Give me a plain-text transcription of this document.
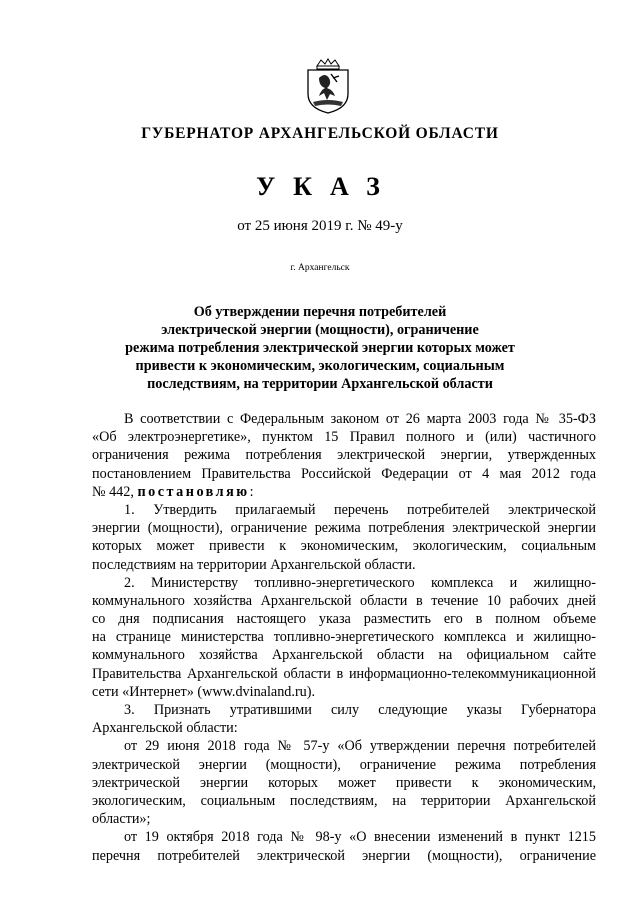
ГУБЕРНАТОР АРХАНГЕЛЬСКОЙ ОБЛАСТИ
УКАЗ
от 25 июня 2019 г. № 49-у
г. Архангельск
Об утверждении перечня потребителей
электрической энергии (мощности), ограничение
режима потребления электрической энергии которых может
привести к экономическим, экологическим, социальным
последствиям, на территории Архангельской области
В соответствии с Федеральным законом от 26 марта 2003 года № 35-ФЗ
«Об электроэнергетике», пунктом 15 Правил полного и (или) частичного
ограничения режима потребления электрической энергии, утвержденных
постановлением Правительства Российской Федерации от 4 мая 2012 года
№ 442, постановляю:
1. Утвердить прилагаемый перечень потребителей электрической
энергии (мощности), ограничение режима потребления электрической энергии
которых может привести к экономическим, экологическим, социальным
последствиям на территории Архангельской области.
2. Министерству топливно-энергетического комплекса и жилищно-
коммунального хозяйства Архангельской области в течение 10 рабочих дней
со дня подписания настоящего указа разместить его в полном объеме
на странице министерства топливно-энергетического комплекса и жилищно-
коммунального хозяйства Архангельской области на официальном сайте
Правительства Архангельской области в информационно-телекоммуникационной
сети «Интернет» (www.dvinaland.ru).
3. Признать утратившими силу следующие указы Губернатора
Архангельской области:
от 29 июня 2018 года № 57-у «Об утверждении перечня потребителей
электрической энергии (мощности), ограничение режима потребления
электрической энергии которых может привести к экономическим,
экологическим, социальным последствиям, на территории Архангельской
области»;
от 19 октября 2018 года № 98-у «О внесении изменений в пункт 1215
перечня потребителей электрической энергии (мощности), ограничение
